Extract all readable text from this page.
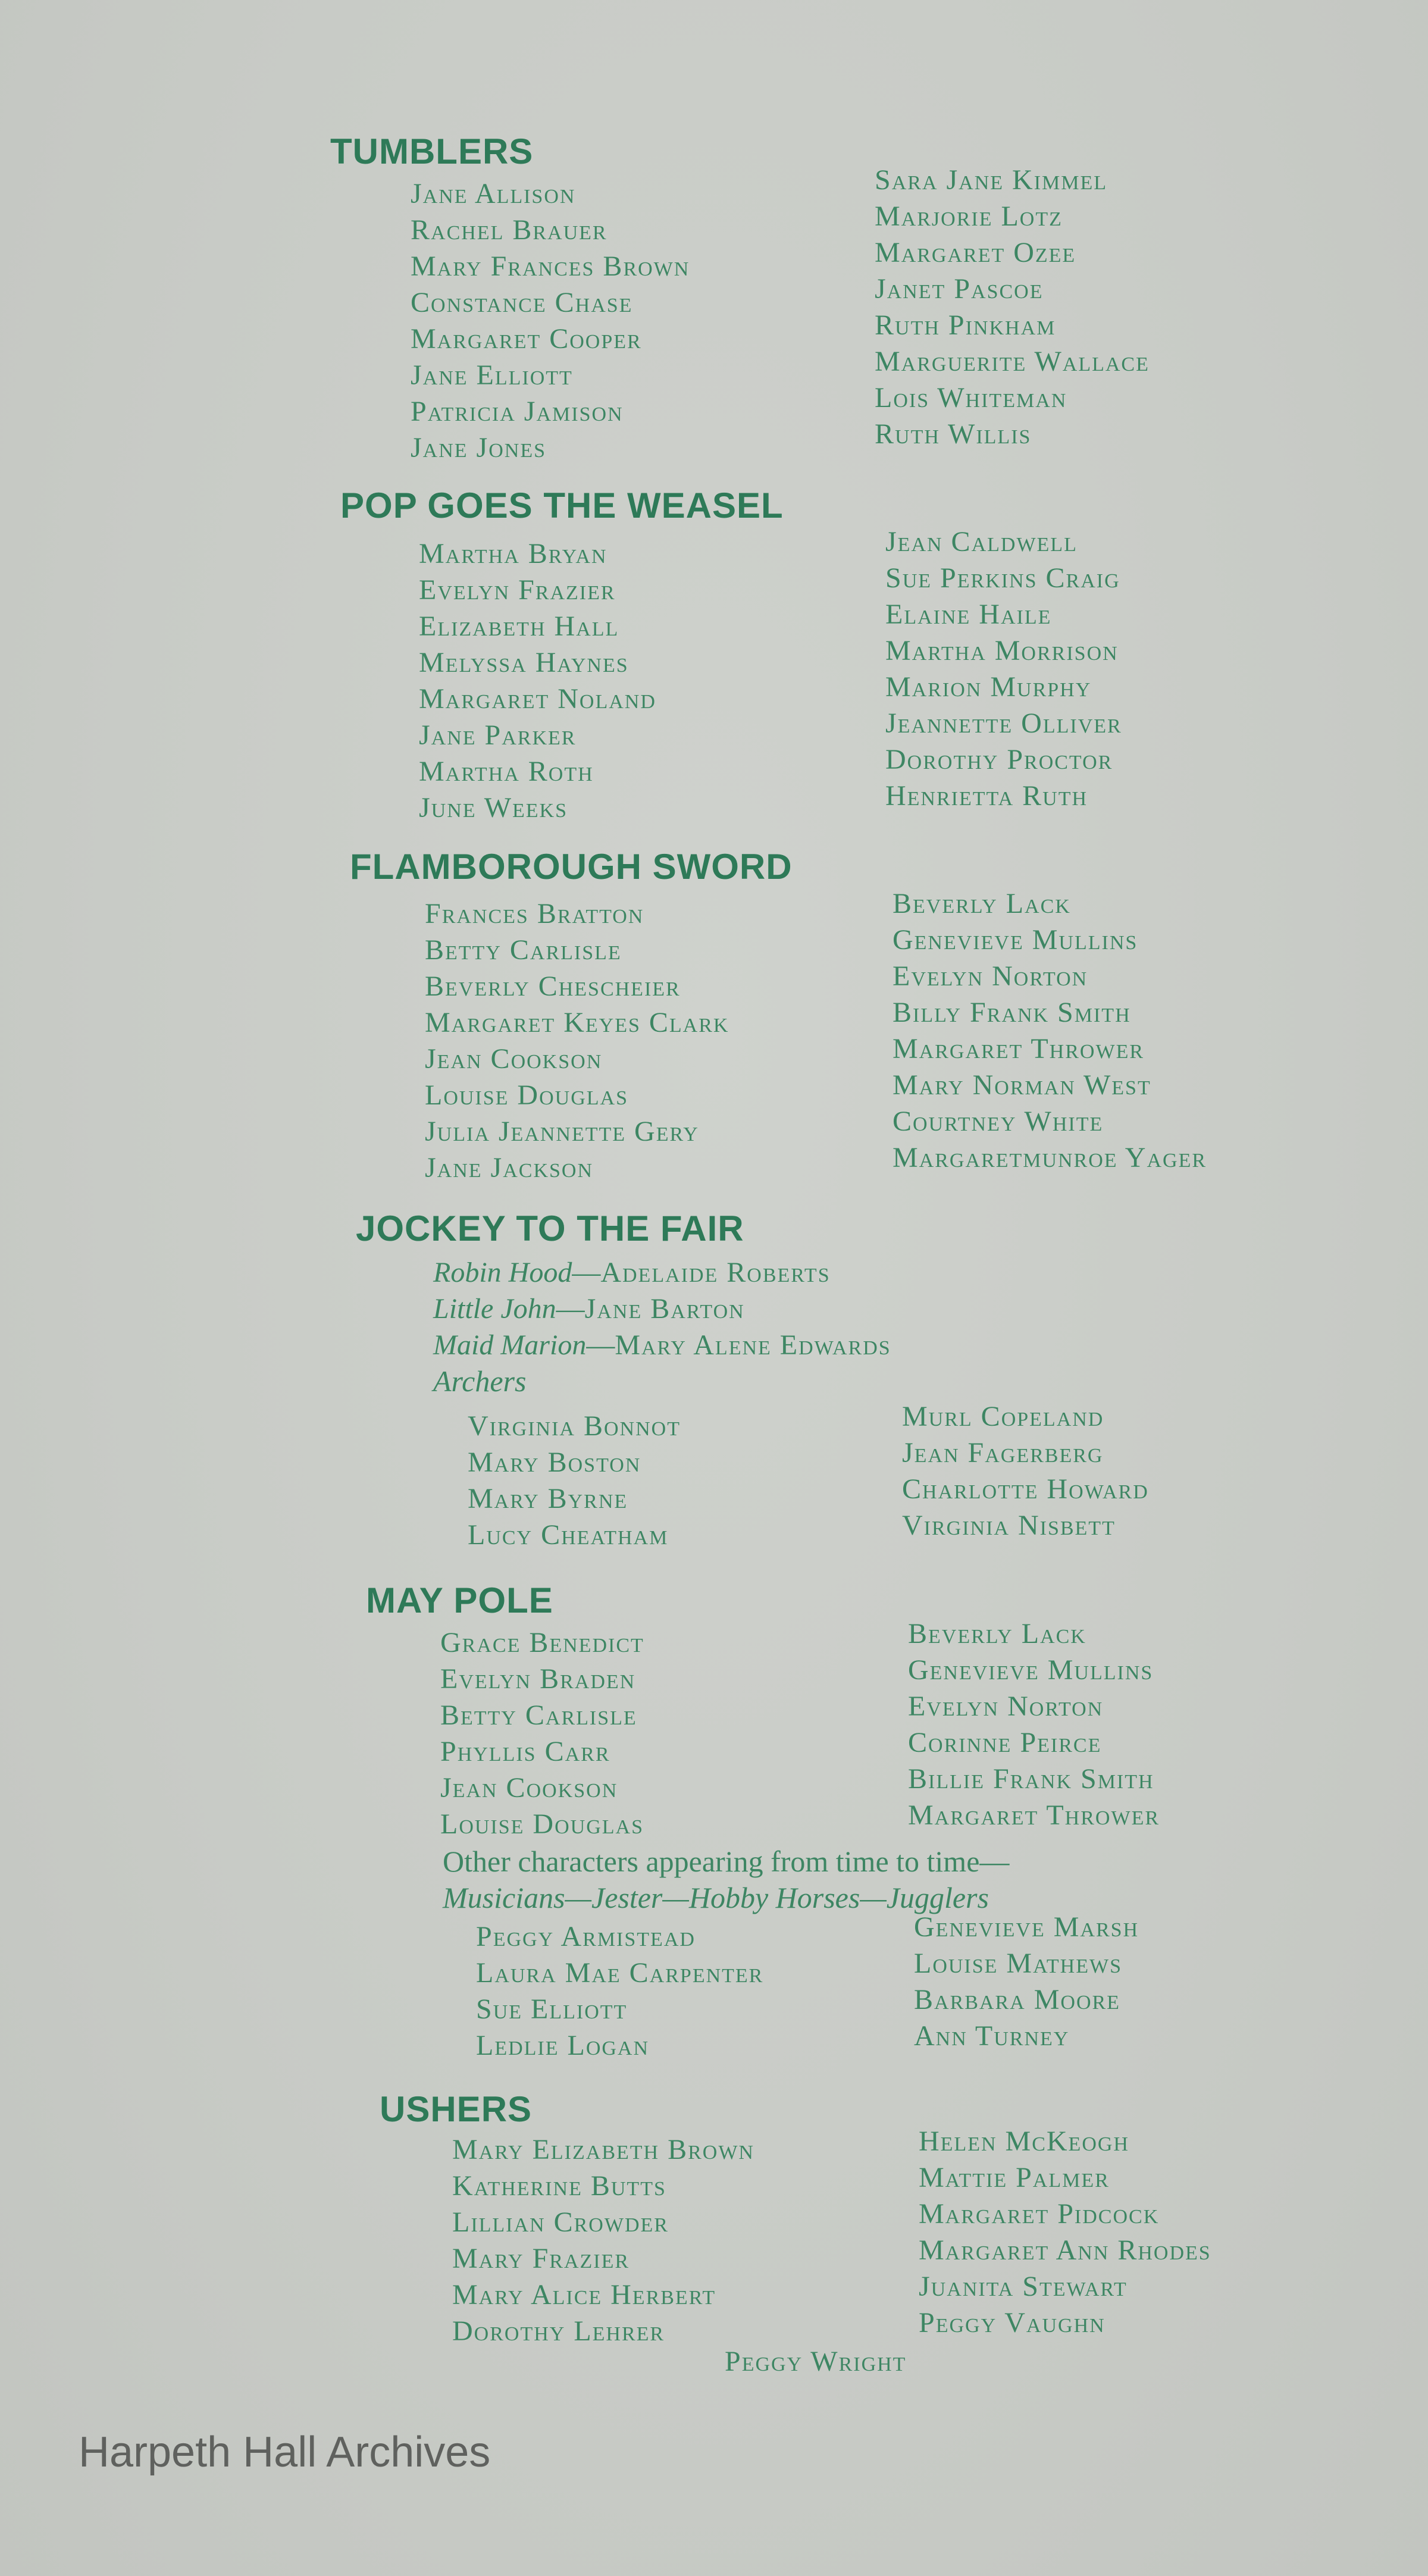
TUMBLERS
Jane Allison
Rachel Brauer
Mary Frances Brown
Constance Chase
Margaret Cooper
Jane Elliott
Patricia Jamison
Jane Jones
Sara Jane Kimmel
Marjorie Lotz
Margaret Ozee
Janet Pascoe
Ruth Pinkham
Marguerite Wallace
Lois Whiteman
Ruth Willis
POP GOES THE WEASEL
Martha Bryan
Evelyn Frazier
Elizabeth Hall
Melyssa Haynes
Margaret Noland
Jane Parker
Martha Roth
June Weeks
Jean Caldwell
Sue Perkins Craig
Elaine Haile
Martha Morrison
Marion Murphy
Jeannette Olliver
Dorothy Proctor
Henrietta Ruth
FLAMBOROUGH SWORD
Frances Bratton
Betty Carlisle
Beverly Chescheier
Margaret Keyes Clark
Jean Cookson
Louise Douglas
Julia Jeannette Gery
Jane Jackson
Beverly Lack
Genevieve Mullins
Evelyn Norton
Billy Frank Smith
Margaret Thrower
Mary Norman West
Courtney White
Margaretmunroe Yager
JOCKEY TO THE FAIR
Robin Hood—Adelaide Roberts
Little John—Jane Barton
Maid Marion—Mary Alene Edwards
Archers
Virginia Bonnot
Mary Boston
Mary Byrne
Lucy Cheatham
Murl Copeland
Jean Fagerberg
Charlotte Howard
Virginia Nisbett
MAY POLE
Grace Benedict
Evelyn Braden
Betty Carlisle
Phyllis Carr
Jean Cookson
Louise Douglas
Beverly Lack
Genevieve Mullins
Evelyn Norton
Corinne Peirce
Billie Frank Smith
Margaret Thrower
Other characters appearing from time to time—
Musicians—Jester—Hobby Horses—Jugglers
Peggy Armistead
Laura Mae Carpenter
Sue Elliott
Ledlie Logan
Genevieve Marsh
Louise Mathews
Barbara Moore
Ann Turney
USHERS
Mary Elizabeth Brown
Katherine Butts
Lillian Crowder
Mary Frazier
Mary Alice Herbert
Dorothy Lehrer
Helen McKeogh
Mattie Palmer
Margaret Pidcock
Margaret Ann Rhodes
Juanita Stewart
Peggy Vaughn
Peggy Wright
Harpeth Hall Archives
